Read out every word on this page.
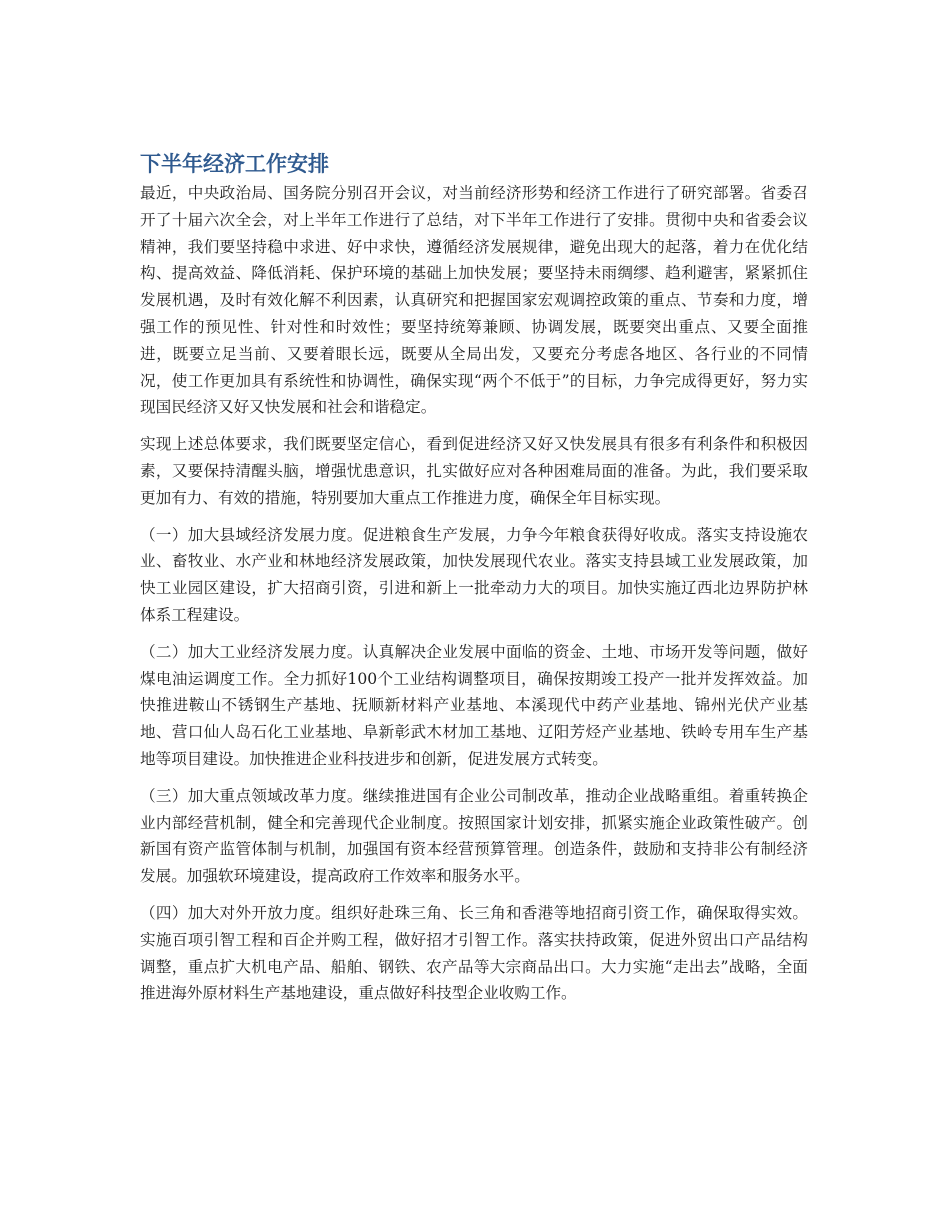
下半年经济工作安排

最近，中央政治局、国务院分别召开会议，对当前经济形势和经济工作进行了研究部署。省委召开了十届六次全会，对上半年工作进行了总结，对下半年工作进行了安排。贯彻中央和省委会议精神，我们要坚持稳中求进、好中求快，遵循经济发展规律，避免出现大的起落，着力在优化结构、提高效益、降低消耗、保护环境的基础上加快发展；要坚持未雨绸缪、趋利避害，紧紧抓住发展机遇，及时有效化解不利因素，认真研究和把握国家宏观调控政策的重点、节奏和力度，增强工作的预见性、针对性和时效性；要坚持统筹兼顾、协调发展，既要突出重点、又要全面推进，既要立足当前、又要着眼长远，既要从全局出发，又要充分考虑各地区、各行业的不同情况，使工作更加具有系统性和协调性，确保实现“两个不低于”的目标，力争完成得更好，努力实现国民经济又好又快发展和社会和谐稳定。

实现上述总体要求，我们既要坚定信心，看到促进经济又好又快发展具有很多有利条件和积极因素，又要保持清醒头脑，增强忧患意识，扎实做好应对各种困难局面的准备。为此，我们要采取更加有力、有效的措施，特别要加大重点工作推进力度，确保全年目标实现。

（一）加大县域经济发展力度。促进粮食生产发展，力争今年粮食获得好收成。落实支持设施农业、畜牧业、水产业和林地经济发展政策，加快发展现代农业。落实支持县域工业发展政策，加快工业园区建设，扩大招商引资，引进和新上一批牵动力大的项目。加快实施辽西北边界防护林体系工程建设。

（二）加大工业经济发展力度。认真解决企业发展中面临的资金、土地、市场开发等问题，做好煤电油运调度工作。全力抓好100个工业结构调整项目，确保按期竣工投产一批并发挥效益。加快推进鞍山不锈钢生产基地、抚顺新材料产业基地、本溪现代中药产业基地、锦州光伏产业基地、营口仙人岛石化工业基地、阜新彰武木材加工基地、辽阳芳烃产业基地、铁岭专用车生产基地等项目建设。加快推进企业科技进步和创新，促进发展方式转变。

（三）加大重点领域改革力度。继续推进国有企业公司制改革，推动企业战略重组。着重转换企业内部经营机制，健全和完善现代企业制度。按照国家计划安排，抓紧实施企业政策性破产。创新国有资产监管体制与机制，加强国有资本经营预算管理。创造条件，鼓励和支持非公有制经济发展。加强软环境建设，提高政府工作效率和服务水平。

（四）加大对外开放力度。组织好赴珠三角、长三角和香港等地招商引资工作，确保取得实效。实施百项引智工程和百企并购工程，做好招才引智工作。落实扶持政策，促进外贸出口产品结构调整，重点扩大机电产品、船舶、钢铁、农产品等大宗商品出口。大力实施“走出去”战略，全面推进海外原材料生产基地建设，重点做好科技型企业收购工作。
